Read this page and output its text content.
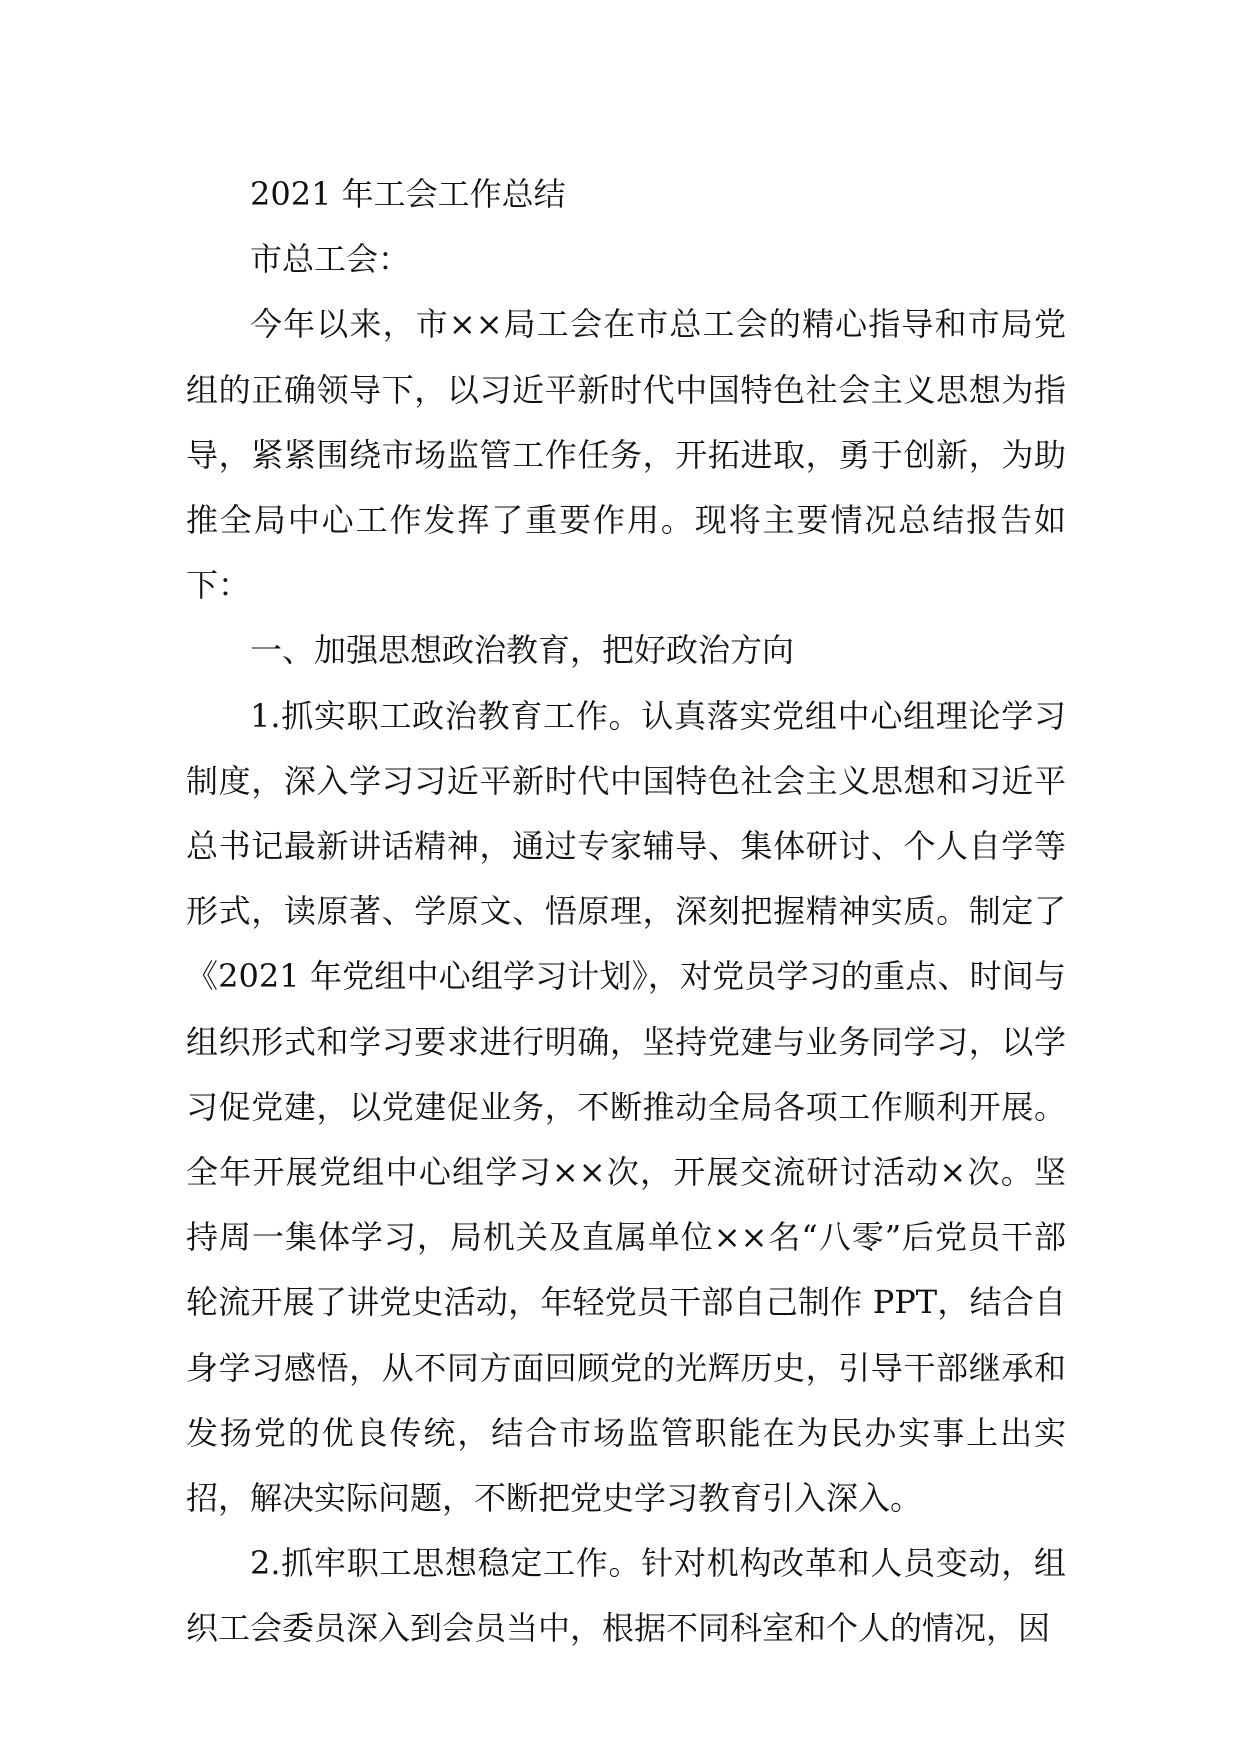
2021 年工会工作总结

市总工会：

今年以来，市××局工会在市总工会的精心指导和市局党组的正确领导下，以习近平新时代中国特色社会主义思想为指导，紧紧围绕市场监管工作任务，开拓进取，勇于创新，为助推全局中心工作发挥了重要作用。现将主要情况总结报告如下：

一、加强思想政治教育，把好政治方向

1.抓实职工政治教育工作。认真落实党组中心组理论学习制度，深入学习习近平新时代中国特色社会主义思想和习近平总书记最新讲话精神，通过专家辅导、集体研讨、个人自学等形式，读原著、学原文、悟原理，深刻把握精神实质。制定了《2021 年党组中心组学习计划》，对党员学习的重点、时间与组织形式和学习要求进行明确，坚持党建与业务同学习，以学习促党建，以党建促业务，不断推动全局各项工作顺利开展。全年开展党组中心组学习××次，开展交流研讨活动×次。坚持周一集体学习，局机关及直属单位××名“八零”后党员干部轮流开展了讲党史活动，年轻党员干部自己制作 PPT，结合自身学习感悟，从不同方面回顾党的光辉历史，引导干部继承和发扬党的优良传统，结合市场监管职能在为民办实事上出实招，解决实际问题，不断把党史学习教育引入深入。

2.抓牢职工思想稳定工作。针对机构改革和人员变动，组织工会委员深入到会员当中，根据不同科室和个人的情况，因
